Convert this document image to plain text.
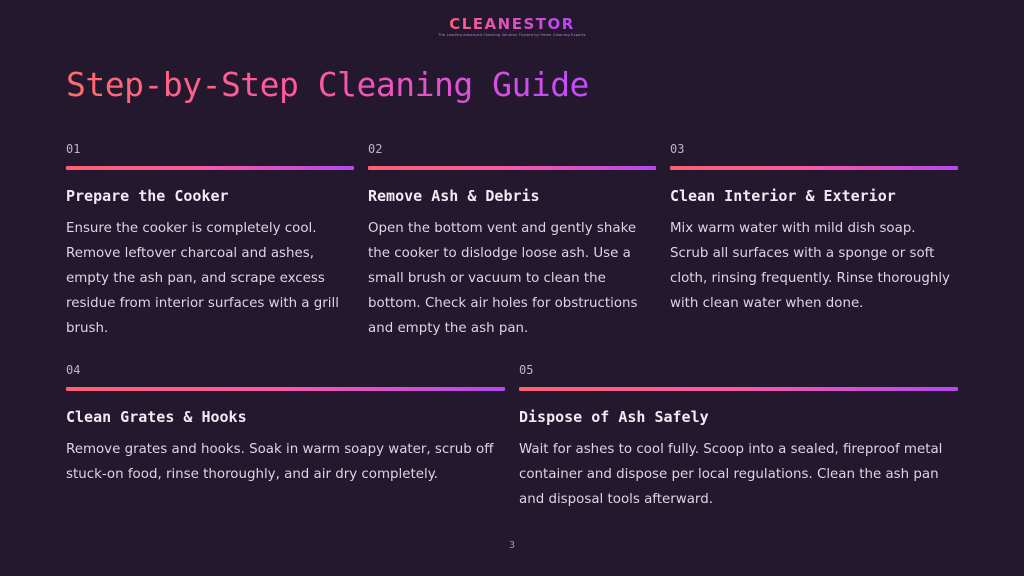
CLEANESTOR
The Leading Advanced Cleaning Solution Trusted by Home Cleaning Experts
Step-by-Step Cleaning Guide
01
Prepare the Cooker
Ensure the cooker is completely cool. Remove leftover charcoal and ashes, empty the ash pan, and scrape excess residue from interior surfaces with a grill brush.
02
Remove Ash & Debris
Open the bottom vent and gently shake the cooker to dislodge loose ash. Use a small brush or vacuum to clean the bottom. Check air holes for obstructions and empty the ash pan.
03
Clean Interior & Exterior
Mix warm water with mild dish soap. Scrub all surfaces with a sponge or soft cloth, rinsing frequently. Rinse thoroughly with clean water when done.
04
Clean Grates & Hooks
Remove grates and hooks. Soak in warm soapy water, scrub off stuck-on food, rinse thoroughly, and air dry completely.
05
Dispose of Ash Safely
Wait for ashes to cool fully. Scoop into a sealed, fireproof metal container and dispose per local regulations. Clean the ash pan and disposal tools afterward.
3
